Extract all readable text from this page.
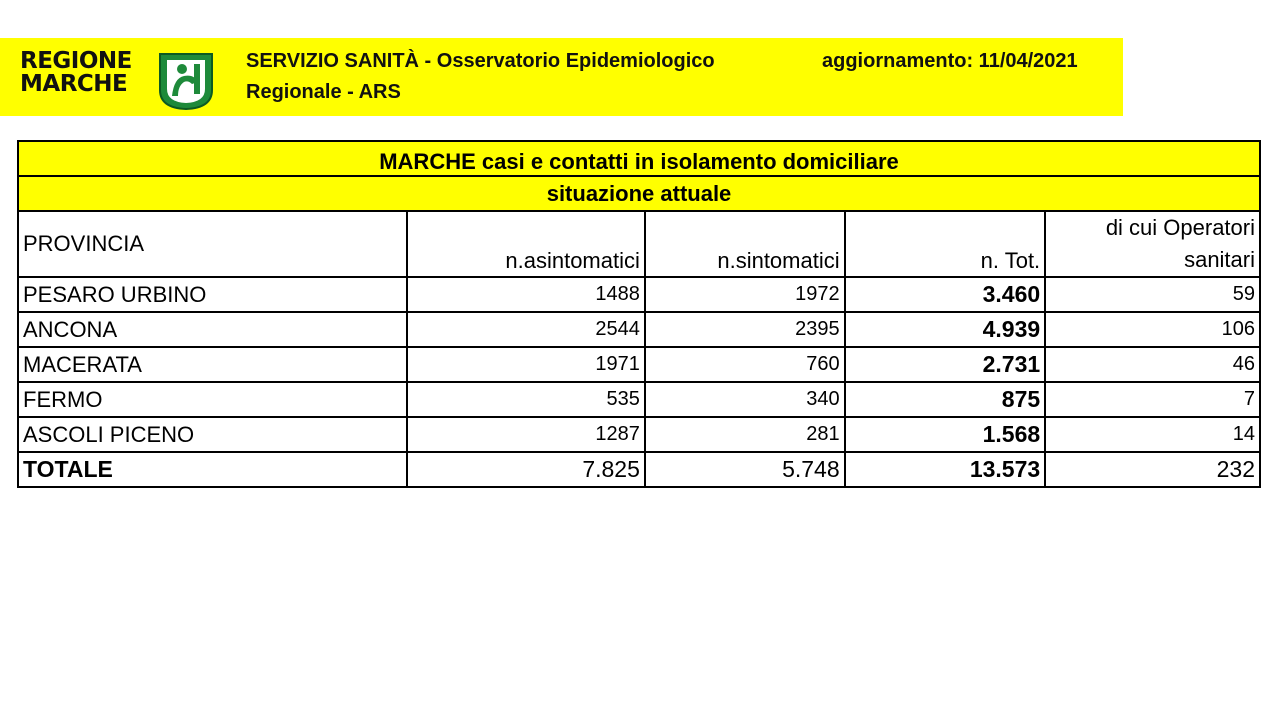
REGIONE
MARCHE
SERVIZIO SANITÀ - Osservatorio Epidemiologico
Regionale - ARS
aggiornamento: 11/04/2021
MARCHE casi e contatti in isolamento domiciliare				
situazione attuale				
PROVINCIA	n.asintomatici	n.sintomatici	n. Tot.	di cui Operatori
sanitari

PESARO URBINO	1488	1972	3.460	59
ANCONA	2544	2395	4.939	106
MACERATA	1971	760	2.731	46
FERMO	535	340	875	7
ASCOLI PICENO	1287	281	1.568	14
TOTALE	7.825	5.748	13.573	232
